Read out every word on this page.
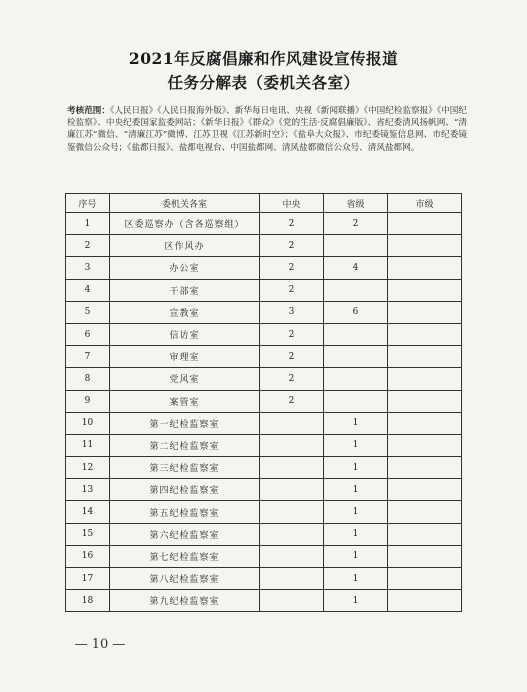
2021年反腐倡廉和作风建设宣传报道
任务分解表（委机关各室）
考核范围：《人民日报》《人民日报海外版》、新华每日电讯、央视《新闻联播》《中国纪检监察报》《中国纪检监察》、中央纪委国家监委网站；《新华日报》《群众》《党的生活·反腐倡廉版》、省纪委清风扬帆网、“清廉江苏”微信、“清廉江苏”微博、江苏卫视《江苏新时空》；《盐阜大众报》、市纪委镜鉴信息网、市纪委镜鉴微信公众号；《盐都日报》、盐都电视台、中国盐都网、清风盐都微信公众号、清风盐都网。
序号	委机关各室	中央	省级	市级
1	区委巡察办（含各巡察组）	2	2	
2	区作风办	2		
3	办公室	2	4	
4	干部室	2		
5	宣教室	3	6	
6	信访室	2		
7	审理室	2		
8	党风室	2		
9	案管室	2		
10	第一纪检监察室		1	
11	第二纪检监察室		1	
12	第三纪检监察室		1	
13	第四纪检监察室		1	
14	第五纪检监察室		1	
15	第六纪检监察室		1	
16	第七纪检监察室		1	
17	第八纪检监察室		1	
18	第九纪检监察室		1	
— 10 —
